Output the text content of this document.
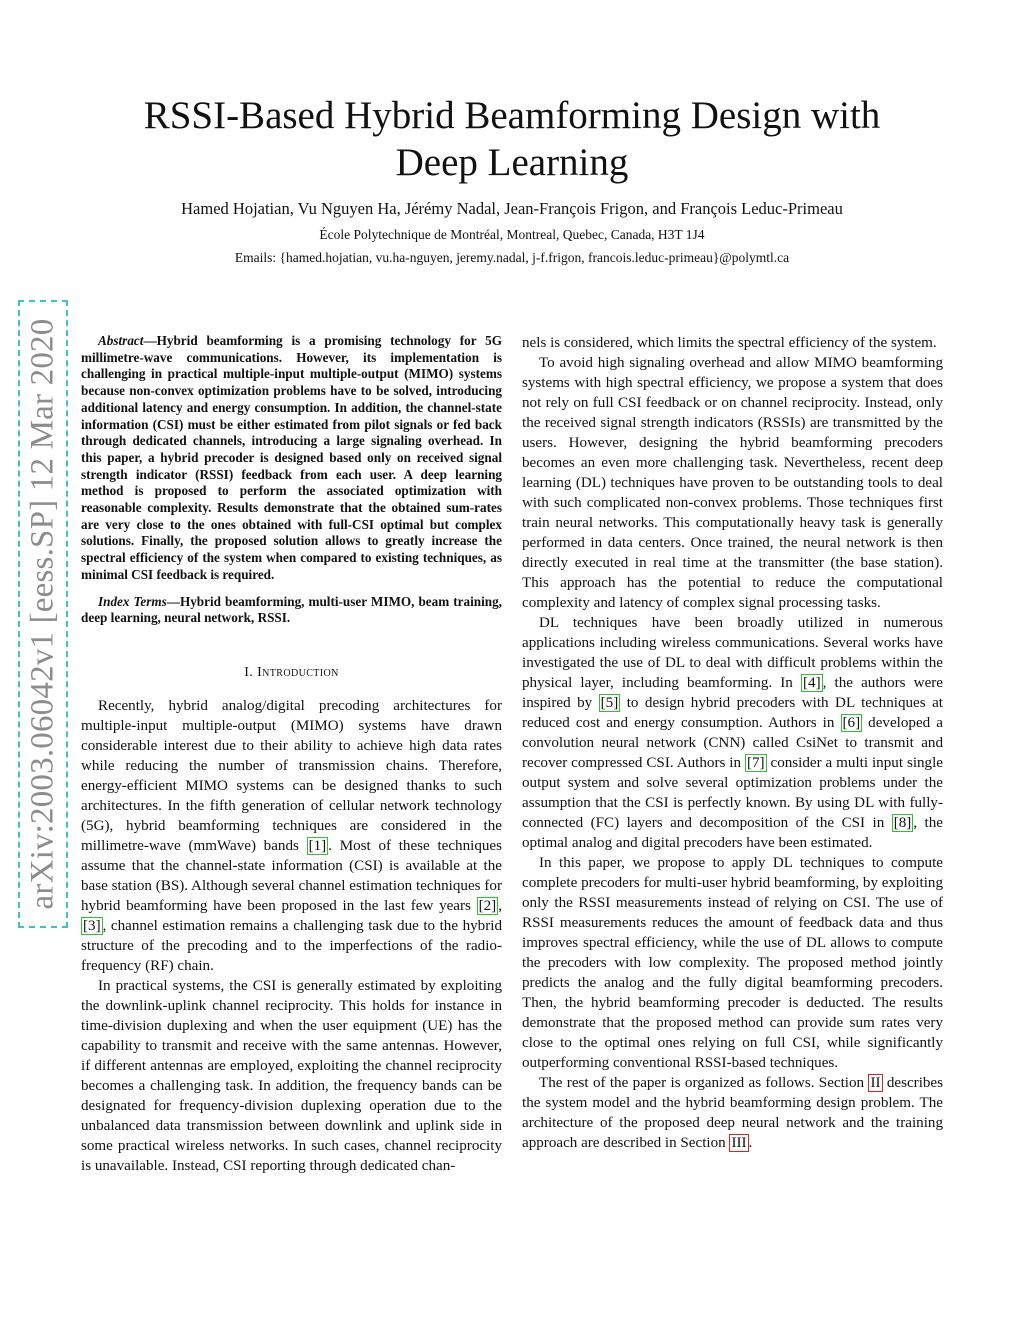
arXiv:2003.06042v1 [eess.SP] 12 Mar 2020
RSSI-Based Hybrid Beamforming Design with Deep Learning
Hamed Hojatian, Vu Nguyen Ha, Jérémy Nadal, Jean-François Frigon, and François Leduc-Primeau
École Polytechnique de Montréal, Montreal, Quebec, Canada, H3T 1J4
Emails: {hamed.hojatian, vu.ha-nguyen, jeremy.nadal, j-f.frigon, francois.leduc-primeau}@polymtl.ca

Abstract—Hybrid beamforming is a promising technology for 5G millimetre-wave communications. However, its implementation is challenging in practical multiple-input multiple-output (MIMO) systems because non-convex optimization problems have to be solved, introducing additional latency and energy consumption. In addition, the channel-state information (CSI) must be either estimated from pilot signals or fed back through dedicated channels, introducing a large signaling overhead. In this paper, a hybrid precoder is designed based only on received signal strength indicator (RSSI) feedback from each user. A deep learning method is proposed to perform the associated optimization with reasonable complexity. Results demonstrate that the obtained sum-rates are very close to the ones obtained with full-CSI optimal but complex solutions. Finally, the proposed solution allows to greatly increase the spectral efficiency of the system when compared to existing techniques, as minimal CSI feedback is required.

Index Terms—Hybrid beamforming, multi-user MIMO, beam training, deep learning, neural network, RSSI.

I. Introduction

Recently, hybrid analog/digital precoding architectures for multiple-input multiple-output (MIMO) systems have drawn considerable interest due to their ability to achieve high data rates while reducing the number of transmission chains. Therefore, energy-efficient MIMO systems can be designed thanks to such architectures. In the fifth generation of cellular network technology (5G), hybrid beamforming techniques are considered in the millimetre-wave (mmWave) bands [1] . Most of these techniques assume that the channel-state information (CSI) is available at the base station (BS). Although several channel estimation techniques for hybrid beamforming have been proposed in the last few years [2] , [3] , channel estimation remains a challenging task due to the hybrid structure of the precoding and to the imperfections of the radio-frequency (RF) chain.

In practical systems, the CSI is generally estimated by exploiting the downlink-uplink channel reciprocity. This holds for instance in time-division duplexing and when the user equipment (UE) has the capability to transmit and receive with the same antennas. However, if different antennas are employed, exploiting the channel reciprocity becomes a challenging task. In addition, the frequency bands can be designated for frequency-division duplexing operation due to the unbalanced data transmission between downlink and uplink side in some practical wireless networks. In such cases, channel reciprocity is unavailable. Instead, CSI reporting through dedicated chan-

nels is considered, which limits the spectral efficiency of the system.

To avoid high signaling overhead and allow MIMO beamforming systems with high spectral efficiency, we propose a system that does not rely on full CSI feedback or on channel reciprocity. Instead, only the received signal strength indicators (RSSIs) are transmitted by the users. However, designing the hybrid beamforming precoders becomes an even more challenging task. Nevertheless, recent deep learning (DL) techniques have proven to be outstanding tools to deal with such complicated non-convex problems. Those techniques first train neural networks. This computationally heavy task is generally performed in data centers. Once trained, the neural network is then directly executed in real time at the transmitter (the base station). This approach has the potential to reduce the computational complexity and latency of complex signal processing tasks.

DL techniques have been broadly utilized in numerous applications including wireless communications. Several works have investigated the use of DL to deal with difficult problems within the physical layer, including beamforming. In [4] , the authors were inspired by [5] to design hybrid precoders with DL techniques at reduced cost and energy consumption. Authors in [6] developed a convolution neural network (CNN) called CsiNet to transmit and recover compressed CSI. Authors in [7] consider a multi input single output system and solve several optimization problems under the assumption that the CSI is perfectly known. By using DL with fully-connected (FC) layers and decomposition of the CSI in [8] , the optimal analog and digital precoders have been estimated.

In this paper, we propose to apply DL techniques to compute complete precoders for multi-user hybrid beamforming, by exploiting only the RSSI measurements instead of relying on CSI. The use of RSSI measurements reduces the amount of feedback data and thus improves spectral efficiency, while the use of DL allows to compute the precoders with low complexity. The proposed method jointly predicts the analog and the fully digital beamforming precoders. Then, the hybrid beamforming precoder is deducted. The results demonstrate that the proposed method can provide sum rates very close to the optimal ones relying on full CSI, while significantly outperforming conventional RSSI-based techniques.

The rest of the paper is organized as follows. Section II describes the system model and the hybrid beamforming design problem. The architecture of the proposed deep neural network and the training approach are described in Section III .
